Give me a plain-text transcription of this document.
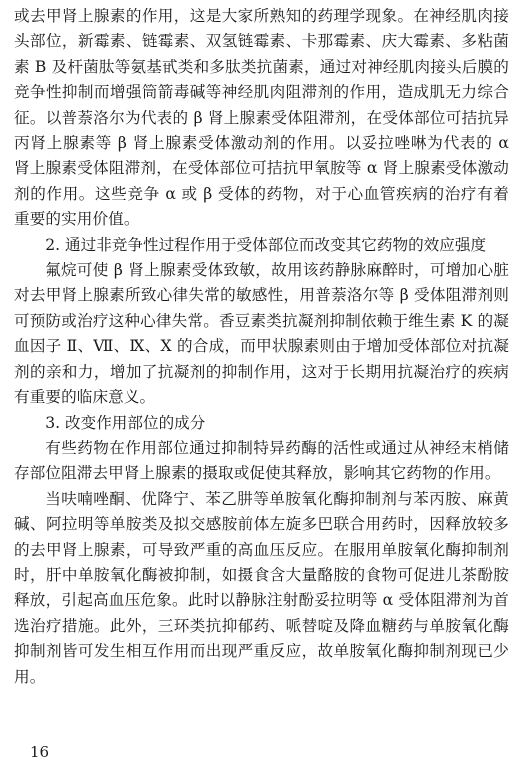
或去甲肾上腺素的作用，这是大家所熟知的药理学现象。在神经肌肉接头部位，新霉素、链霉素、双氢链霉素、卡那霉素、庆大霉素、多粘菌素 B 及杆菌肽等氨基甙类和多肽类抗菌素，通过对神经肌肉接头后膜的竞争性抑制而增强筒箭毒碱等神经肌肉阻滞剂的作用，造成肌无力综合征。以普萘洛尔为代表的 β 肾上腺素受体阻滞剂，在受体部位可拮抗异丙肾上腺素等 β 肾上腺素受体激动剂的作用。以妥拉唑啉为代表的 α 肾上腺素受体阻滞剂，在受体部位可拮抗甲氧胺等 α 肾上腺素受体激动剂的作用。这些竞争 α 或 β 受体的药物，对于心血管疾病的治疗有着重要的实用价值。

2. 通过非竞争性过程作用于受体部位而改变其它药物的效应强度

氟烷可使 β 肾上腺素受体致敏，故用该药静脉麻醉时，可增加心脏对去甲肾上腺素所致心律失常的敏感性，用普萘洛尔等 β 受体阻滞剂则可预防或治疗这种心律失常。香豆素类抗凝剂抑制依赖于维生素 K 的凝血因子 Ⅱ、Ⅶ、Ⅸ、Ⅹ 的合成，而甲状腺素则由于增加受体部位对抗凝剂的亲和力，增加了抗凝剂的抑制作用，这对于长期用抗凝治疗的疾病有重要的临床意义。

3. 改变作用部位的成分

有些药物在作用部位通过抑制特异药酶的活性或通过从神经末梢储存部位阻滞去甲肾上腺素的摄取或促使其释放，影响其它药物的作用。

当呋喃唑酮、优降宁、苯乙肼等单胺氧化酶抑制剂与苯丙胺、麻黄碱、阿拉明等单胺类及拟交感胺前体左旋多巴联合用药时，因释放较多的去甲肾上腺素，可导致严重的高血压反应。在服用单胺氧化酶抑制剂时，肝中单胺氧化酶被抑制，如摄食含大量酪胺的食物可促进儿茶酚胺释放，引起高血压危象。此时以静脉注射酚妥拉明等 α 受体阻滞剂为首选治疗措施。此外，三环类抗抑郁药、哌替啶及降血糖药与单胺氧化酶抑制剂皆可发生相互作用而出现严重反应，故单胺氧化酶抑制剂现已少用。

16
